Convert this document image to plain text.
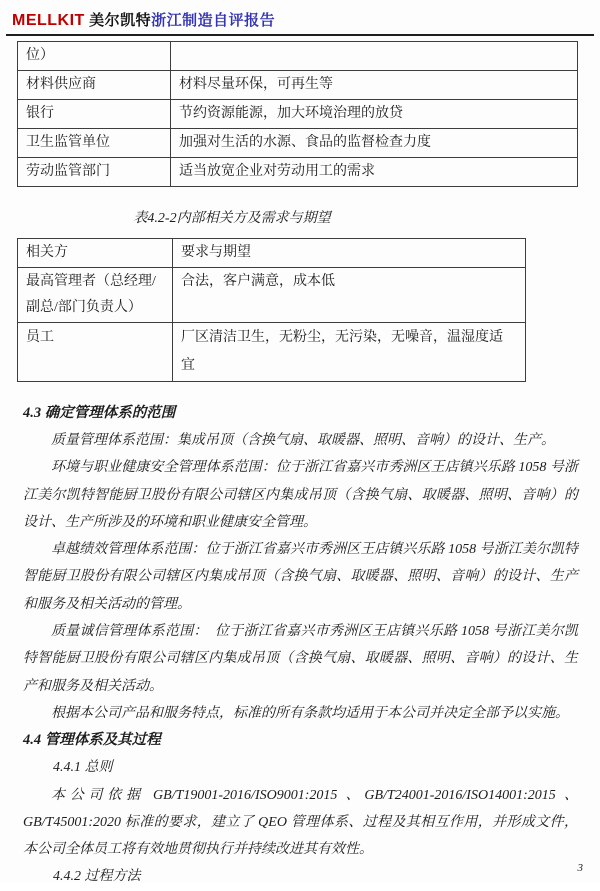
MELLKIT 美尔凯特浙江制造自评报告
位）	
材料供应商	材料尽量环保，可再生等
银行	节约资源能源，加大环境治理的放贷
卫生监管单位	加强对生活的水源、食品的监督检查力度
劳动监管部门	适当放宽企业对劳动用工的需求
表4.2-2内部相关方及需求与期望
相关方	要求与期望
最高管理者（总经理/副总/部门负责人）	合法，客户满意，成本低
员工	厂区清洁卫生，无粉尘，无污染，无噪音，温湿度适宜
4.3 确定管理体系的范围

质量管理体系范围：集成吊顶（含换气扇、取暖器、照明、音响）的设计、生产。

环境与职业健康安全管理体系范围：位于浙江省嘉兴市秀洲区王店镇兴乐路 1058 号浙江美尔凯特智能厨卫股份有限公司辖区内集成吊顶（含换气扇、取暖器、照明、音响）的设计、生产所涉及的环境和职业健康安全管理。

卓越绩效管理体系范围：位于浙江省嘉兴市秀洲区王店镇兴乐路 1058 号浙江美尔凯特智能厨卫股份有限公司辖区内集成吊顶（含换气扇、取暖器、照明、音响）的设计、生产和服务及相关活动的管理。

质量诚信管理体系范围：　位于浙江省嘉兴市秀洲区王店镇兴乐路 1058 号浙江美尔凯特智能厨卫股份有限公司辖区内集成吊顶（含换气扇、取暖器、照明、音响）的设计、生产和服务及相关活动。

根据本公司产品和服务特点，标准的所有条款均适用于本公司并决定全部予以实施。

4.4 管理体系及其过程
4.4.1 总则

本公司依据 GB/T19001-2016/ISO9001:2015 、GB/T24001-2016/ISO14001:2015 、GB/T45001:2020 标准的要求，建立了 QEO 管理体系、过程及其相互作用，并形成文件，本公司全体员工将有效地贯彻执行并持续改进其有效性。

4.4.2 过程方法
3
